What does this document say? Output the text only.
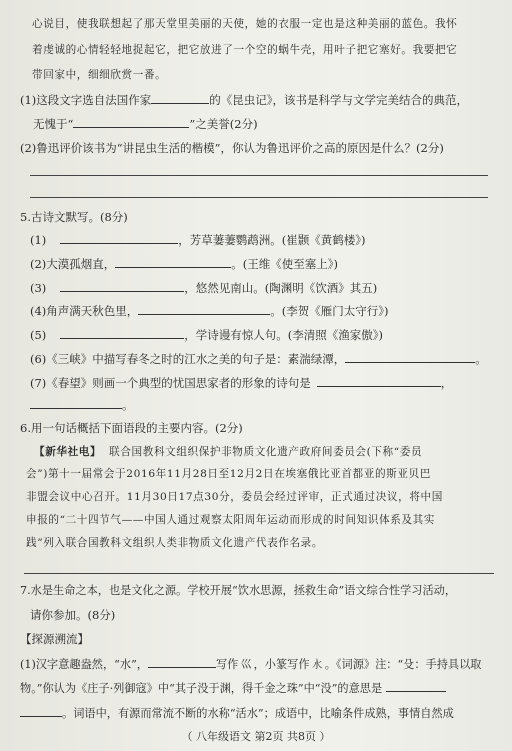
心说目，使我联想起了那天堂里美丽的天使，她的衣服一定也是这种美丽的蓝色。我怀
着虔诚的心情轻轻地捉起它，把它放进了一个空的蜗牛壳，用叶子把它塞好。我要把它
带回家中，细细欣赏一番。
(1)这段文字选自法国作家	的《昆虫记》，该书是科学与文学完美结合的典范，
无愧于“	”之美誉(2分)
(2)鲁迅评价该书为“讲昆虫生活的楷模”，你认为鲁迅评价之高的原因是什么？(2分)
5.古诗文默写。(8分)
(1)	，芳草萋萋鹦鹉洲。(崔颢《黄鹤楼》)
(2)大漠孤烟直，	。(王维《使至塞上》)
(3)	，悠然见南山。(陶渊明《饮酒》其五)
(4)角声满天秋色里，	。(李贺《雁门太守行》)
(5)	，学诗谩有惊人句。(李清照《渔家傲》)
(6)《三峡》中描写春冬之时的江水之美的句子是：素湍绿潭，	。
(7)《春望》则画一个典型的忧国思家者的形象的诗句是	，
。
6.用一句话概括下面语段的主要内容。(2分)
【新华社电】 联合国教科文组织保护非物质文化遗产政府间委员会(下称“委员
会”)第十一届常会于2016年11月28日至12月2日在埃塞俄比亚首都亚的斯亚贝巴
非盟会议中心召开。11月30日17点30分，委员会经过评审，正式通过决议，将中国
申报的“二十四节气——中国人通过观察太阳周年运动而形成的时间知识体系及其实
践”列入联合国教科文组织人类非物质文化遗产代表作名录。
7.水是生命之本，也是文化之源。学校开展“饮水思源，拯救生命”语文综合性学习活动，
请你参加。(8分)
【探源溯流】
(1)汉字意趣盎然，“水”，	写作 巛 ，小篆写作 𣱱 。《词源》注：“殳：手持具以取
物。”你认为《庄子·列御寇》中“其子没于渊，得千金之珠”中“没”的意思是
。词语中，有源而常流不断的水称“活水”；成语中，比喻条件成熟，事情自然成
（ 八年级语文 第2页 共8页 ）
